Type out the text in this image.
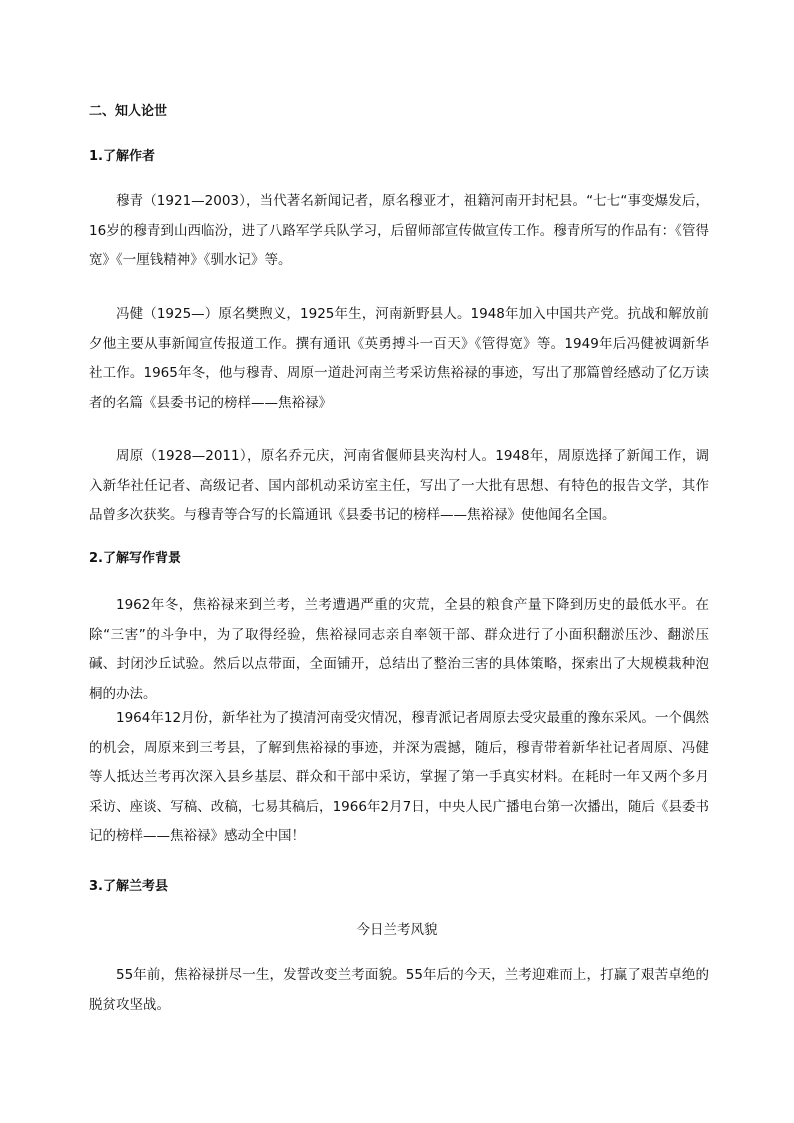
二、知人论世
1.了解作者

穆青（1921—2003），当代著名新闻记者，原名穆亚才，祖籍河南开封杞县。“七七“事变爆发后，16岁的穆青到山西临汾，进了八路军学兵队学习，后留师部宣传做宣传工作。穆青所写的作品有：《管得宽》《一厘钱精神》《驯水记》等。

冯健（1925—）原名樊煦义，1925年生，河南新野县人。1948年加入中国共产党。抗战和解放前夕他主要从事新闻宣传报道工作。撰有通讯《英勇搏斗一百天》《管得宽》等。1949年后冯健被调新华社工作。1965年冬，他与穆青、周原一道赴河南兰考采访焦裕禄的事迹，写出了那篇曾经感动了亿万读者的名篇《县委书记的榜样——焦裕禄》

周原（1928—2011），原名乔元庆，河南省偃师县夹沟村人。1948年，周原选择了新闻工作，调入新华社任记者、高级记者、国内部机动采访室主任，写出了一大批有思想、有特色的报告文学，其作品曾多次获奖。与穆青等合写的长篇通讯《县委书记的榜样——焦裕禄》使他闻名全国。

2.了解写作背景

1962年冬，焦裕禄来到兰考，兰考遭遇严重的灾荒，全县的粮食产量下降到历史的最低水平。在除“三害”的斗争中，为了取得经验，焦裕禄同志亲自率领干部、群众进行了小面积翻淤压沙、翻淤压碱、封闭沙丘试验。然后以点带面，全面铺开，总结出了整治三害的具体策略，探索出了大规模栽种泡桐的办法。

1964年12月份，新华社为了摸清河南受灾情况，穆青派记者周原去受灾最重的豫东采风。一个偶然的机会，周原来到三考县，了解到焦裕禄的事迹，并深为震撼，随后，穆青带着新华社记者周原、冯健等人抵达兰考再次深入县乡基层、群众和干部中采访，掌握了第一手真实材料。在耗时一年又两个多月采访、座谈、写稿、改稿，七易其稿后，1966年2月7日，中央人民广播电台第一次播出，随后《县委书记的榜样——焦裕禄》感动全中国！

3.了解兰考县

今日兰考风貌

55年前，焦裕禄拼尽一生，发誓改变兰考面貌。55年后的今天，兰考迎难而上，打赢了艰苦卓绝的脱贫攻坚战。
